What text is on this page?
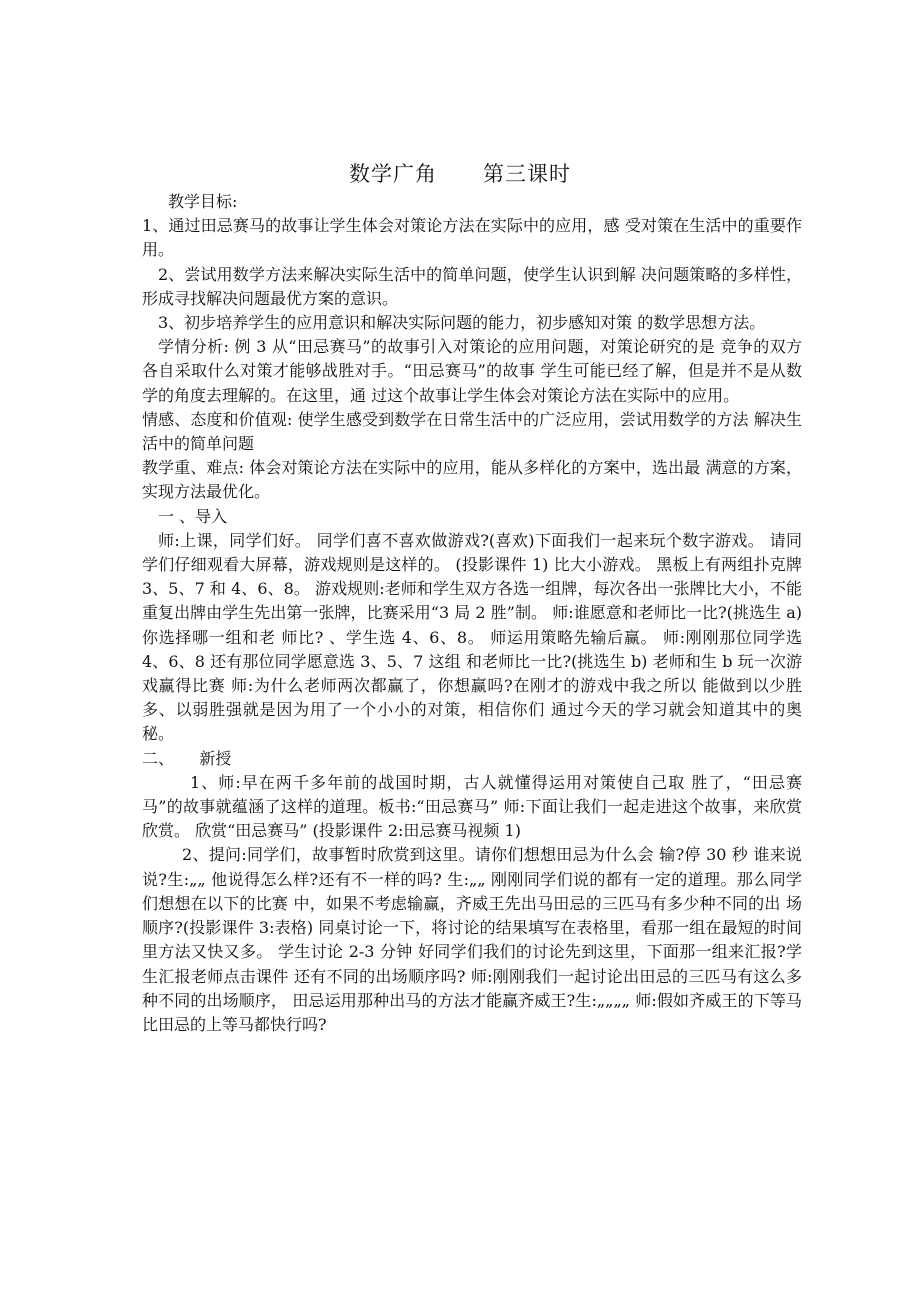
数学广角      第三课时

教学目标:

1、通过田忌赛马的故事让学生体会对策论方法在实际中的应用，感 受对策在生活中的重要作用。

2、尝试用数学方法来解决实际生活中的简单问题，使学生认识到解 决问题策略的多样性，形成寻找解决问题最优方案的意识。

3、初步培养学生的应用意识和解决实际问题的能力，初步感知对策 的数学思想方法。

学情分析: 例 3 从“田忌赛马”的故事引入对策论的应用问题，对策论研究的是 竞争的双方各自采取什么对策才能够战胜对手。“田忌赛马”的故事 学生可能已经了解，但是并不是从数学的角度去理解的。在这里，通 过这个故事让学生体会对策论方法在实际中的应用。

情感、态度和价值观: 使学生感受到数学在日常生活中的广泛应用，尝试用数学的方法 解决生活中的简单问题

教学重、难点: 体会对策论方法在实际中的应用，能从多样化的方案中，选出最 满意的方案，实现方法最优化。

一 、导入

师:上课，同学们好。 同学们喜不喜欢做游戏?(喜欢)下面我们一起来玩个数字游戏。 请同学们仔细观看大屏幕，游戏规则是这样的。 (投影课件 1) 比大小游戏。 黑板上有两组扑克牌 3、5、7 和 4、6、8。 游戏规则:老师和学生双方各选一组牌，每次各出一张牌比大小，不能 重复出牌由学生先出第一张牌，比赛采用“3 局 2 胜”制。 师:谁愿意和老师比一比?(挑选生 a)你选择哪一组和老 师比? 、学生选 4、6、8。 师运用策略先输后赢。 师:刚刚那位同学选 4、6、8 还有那位同学愿意选 3、5、7 这组 和老师比一比?(挑选生 b) 老师和生 b 玩一次游戏赢得比赛 师:为什么老师两次都赢了，你想赢吗?在刚才的游戏中我之所以 能做到以少胜多、以弱胜强就是因为用了一个小小的对策，相信你们 通过今天的学习就会知道其中的奥秘。

二、     新授

1、师:早在两千多年前的战国时期，古人就懂得运用对策使自己取 胜了，“田忌赛马”的故事就蕴涵了这样的道理。板书:“田忌赛马” 师:下面让我们一起走进这个故事，来欣赏欣赏。 欣赏“田忌赛马” (投影课件 2:田忌赛马视频 1)

2、提问:同学们，故事暂时欣赏到这里。请你们想想田忌为什么会 输?停 30 秒 谁来说说?生:„„ 他说得怎么样?还有不一样的吗? 生:„„ 刚刚同学们说的都有一定的道理。那么同学们想想在以下的比赛 中，如果不考虑输赢，齐威王先出马田忌的三匹马有多少种不同的出 场顺序?(投影课件 3:表格) 同桌讨论一下，将讨论的结果填写在表格里，看那一组在最短的时间 里方法又快又多。 学生讨论 2-3 分钟 好同学们我们的讨论先到这里，下面那一组来汇报?学生汇报老师点击课件 还有不同的出场顺序吗? 师:刚刚我们一起讨论出田忌的三匹马有这么多种不同的出场顺序， 田忌运用那种出马的方法才能赢齐威王?生:„„„„ 师:假如齐威王的下等马比田忌的上等马都快行吗?
